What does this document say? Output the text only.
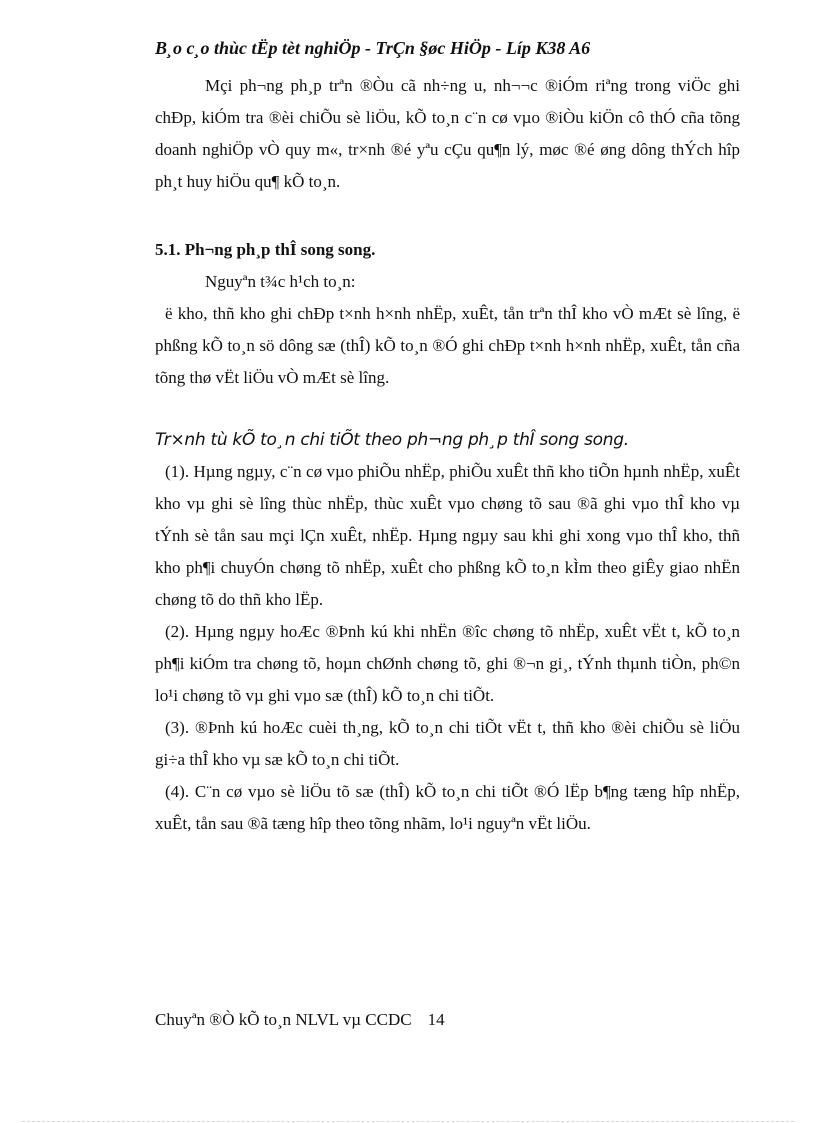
B¸o c¸o thùc tËp tèt nghiÖp - TrÇn §øc HiÖp - Líp K38 A6

Mçi ph¬ng ph¸p trªn ®Òu cã nh÷ng u, nh¬¬c ®iÓm riªng trong viÖc ghi chÐp, kiÓm tra ®èi chiÕu sè liÖu, kÕ to¸n c¨n cø vµo ®iÒu kiÖn cô thÓ cña tõng doanh nghiÖp vÒ quy m«, tr×nh ®é yªu cÇu qu¶n lý, møc ®é øng dông thÝch hîp ph¸t huy hiÖu qu¶ kÕ to¸n.

5.1. Ph¬ng ph¸p thÎ song song.
Nguyªn t¾c h¹ch to¸n:

ë kho, thñ kho ghi chÐp t×nh h×nh nhËp, xuÊt, tån trªn thÎ kho vÒ mÆt sè lîng, ë phßng kÕ to¸n sö dông sæ (thÎ) kÕ to¸n ®Ó ghi chÐp t×nh h×nh nhËp, xuÊt, tån cña tõng thø vËt liÖu vÒ mÆt sè lîng.

Tr×nh tù kÕ to¸n chi tiÕt theo ph¬ng ph¸p thÎ song song.

(1). Hµng ngµy, c¨n cø vµo phiÕu nhËp, phiÕu xuÊt thñ kho tiÕn hµnh nhËp, xuÊt kho vµ ghi sè lîng thùc nhËp, thùc xuÊt vµo chøng tõ sau ®ã ghi vµo thÎ kho vµ tÝnh sè tån sau mçi lÇn xuÊt, nhËp. Hµng ngµy sau khi ghi xong vµo thÎ kho, thñ kho ph¶i chuyÓn chøng tõ nhËp, xuÊt cho phßng kÕ to¸n kÌm theo giÊy giao nhËn chøng tõ do thñ kho lËp.

(2). Hµng ngµy hoÆc ®Þnh kú khi nhËn ®îc chøng tõ nhËp, xuÊt vËt t, kÕ to¸n ph¶i kiÓm tra chøng tõ, hoµn chØnh chøng tõ, ghi ®¬n gi¸, tÝnh thµnh tiÒn, ph©n lo¹i chøng tõ vµ ghi vµo sæ (thÎ) kÕ to¸n chi tiÕt.

(3). ®Þnh kú hoÆc cuèi th¸ng, kÕ to¸n chi tiÕt vËt t, thñ kho ®èi chiÕu sè liÖu gi÷a thÎ kho vµ sæ kÕ to¸n chi tiÕt.

(4). C¨n cø vµo sè liÖu tõ sæ (thÎ) kÕ to¸n chi tiÕt ®Ó lËp b¶ng tæng hîp nhËp, xuÊt, tån sau ®ã tæng hîp theo tõng nhãm, lo¹i nguyªn vËt liÖu.

Chuyªn ®Ò kÕ to¸n NLVL vµ CCDC 14
